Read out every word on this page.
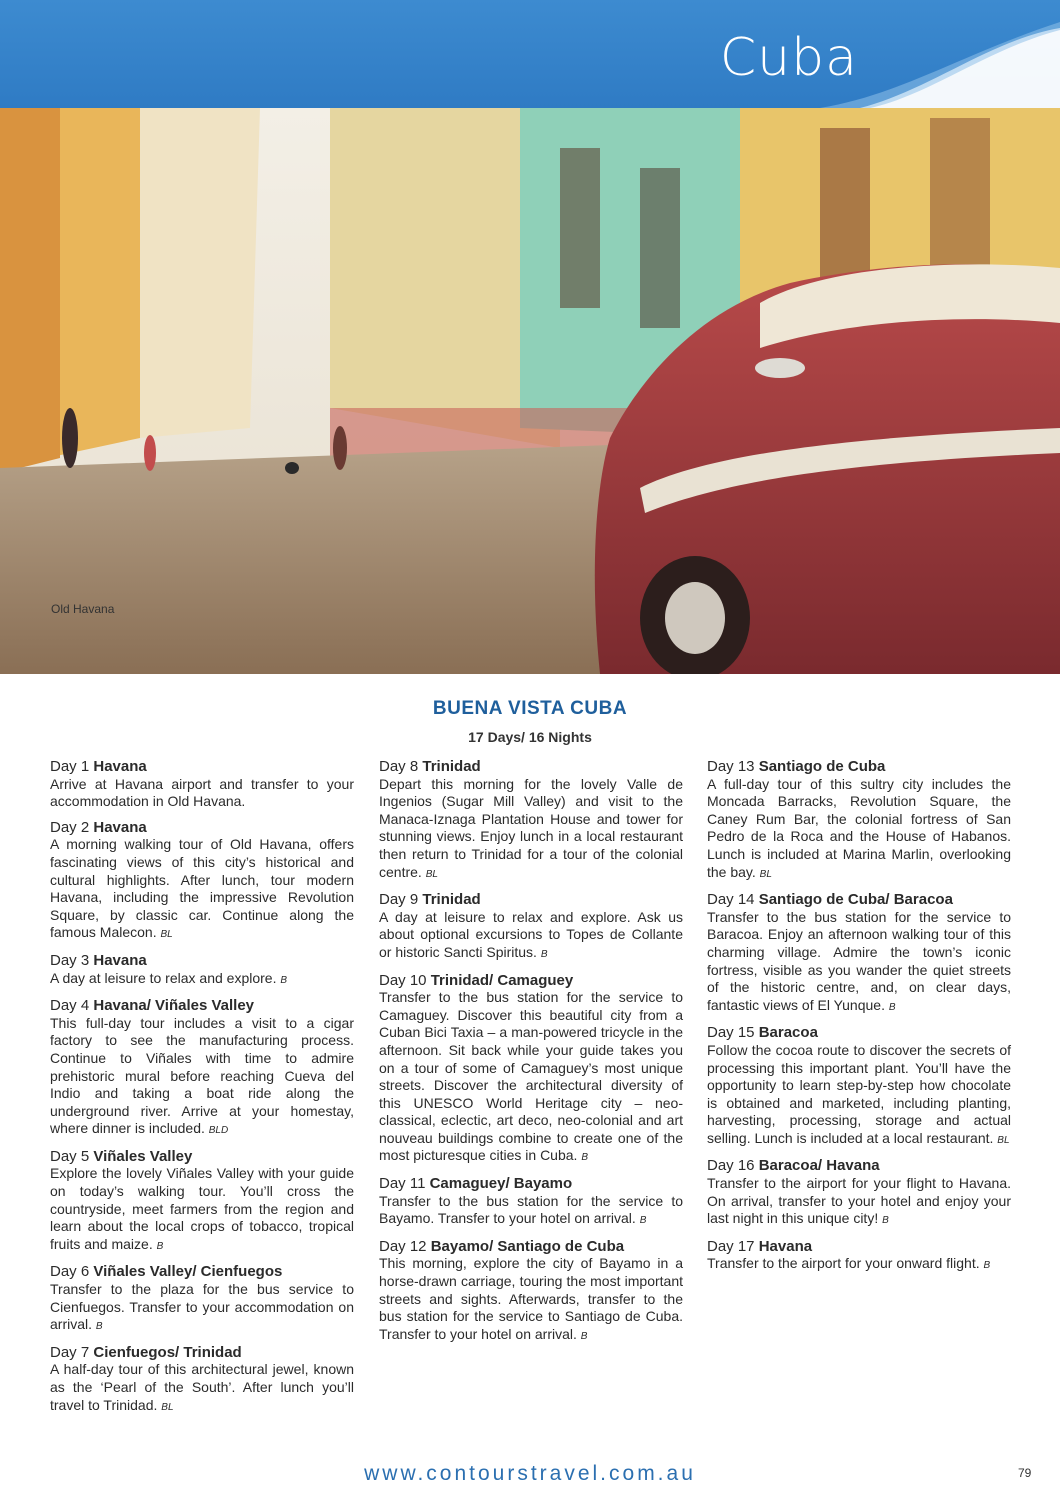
Cuba
Old Havana
BUENA VISTA CUBA
17 Days/ 16 Nights
Day 1 Havana
Arrive at Havana airport and transfer to your accommodation in Old Havana.
Day 2 Havana
A morning walking tour of Old Havana, offers fascinating views of this city’s historical and cultural highlights. After lunch, tour modern Havana, including the impressive Revolution Square, by classic car. Continue along the famous Malecon. BL
Day 3 Havana
A day at leisure to relax and explore. B
Day 4 Havana/ Viñales Valley
This full-day tour includes a visit to a cigar factory to see the manufacturing process. Continue to Viñales with time to admire prehistoric mural before reaching Cueva del Indio and taking a boat ride along the underground river. Arrive at your homestay, where dinner is included. BLD
Day 5 Viñales Valley
Explore the lovely Viñales Valley with your guide on today’s walking tour. You’ll cross the countryside, meet farmers from the region and learn about the local crops of tobacco, tropical fruits and maize. B
Day 6 Viñales Valley/ Cienfuegos
Transfer to the plaza for the bus service to Cienfuegos. Transfer to your accommodation on arrival. B
Day 7 Cienfuegos/ Trinidad
A half-day tour of this architectural jewel, known as the ‘Pearl of the South’. After lunch you’ll travel to Trinidad. BL
Day 8 Trinidad
Depart this morning for the lovely Valle de Ingenios (Sugar Mill Valley) and visit to the Manaca-Iznaga Plantation House and tower for stunning views. Enjoy lunch in a local restaurant then return to Trinidad for a tour of the colonial centre. BL
Day 9 Trinidad
A day at leisure to relax and explore. Ask us about optional excursions to Topes de Collante or historic Sancti Spiritus. B
Day 10 Trinidad/ Camaguey
Transfer to the bus station for the service to Camaguey. Discover this beautiful city from a Cuban Bici Taxia – a man-powered tricycle in the afternoon. Sit back while your guide takes you on a tour of some of Camaguey’s most unique streets. Discover the architectural diversity of this UNESCO World Heritage city – neo-classical, eclectic, art deco, neo-colonial and art nouveau buildings combine to create one of the most picturesque cities in Cuba. B
Day 11 Camaguey/ Bayamo
Transfer to the bus station for the service to Bayamo. Transfer to your hotel on arrival. B
Day 12 Bayamo/ Santiago de Cuba
This morning, explore the city of Bayamo in a horse-drawn carriage, touring the most important streets and sights. Afterwards, transfer to the bus station for the service to Santiago de Cuba. Transfer to your hotel on arrival. B
Day 13 Santiago de Cuba
A full-day tour of this sultry city includes the Moncada Barracks, Revolution Square, the Caney Rum Bar, the colonial fortress of San Pedro de la Roca and the House of Habanos. Lunch is included at Marina Marlin, overlooking the bay. BL
Day 14 Santiago de Cuba/ Baracoa
Transfer to the bus station for the service to Baracoa. Enjoy an afternoon walking tour of this charming village. Admire the town’s iconic fortress, visible as you wander the quiet streets of the historic centre, and, on clear days, fantastic views of El Yunque. B
Day 15 Baracoa
Follow the cocoa route to discover the secrets of processing this important plant. You’ll have the opportunity to learn step-by-step how chocolate is obtained and marketed, including planting, harvesting, processing, storage and actual selling. Lunch is included at a local restaurant. BL
Day 16 Baracoa/ Havana
Transfer to the airport for your flight to Havana. On arrival, transfer to your hotel and enjoy your last night in this unique city! B
Day 17 Havana
Transfer to the airport for your onward flight. B
www.contourstravel.com.au	79
